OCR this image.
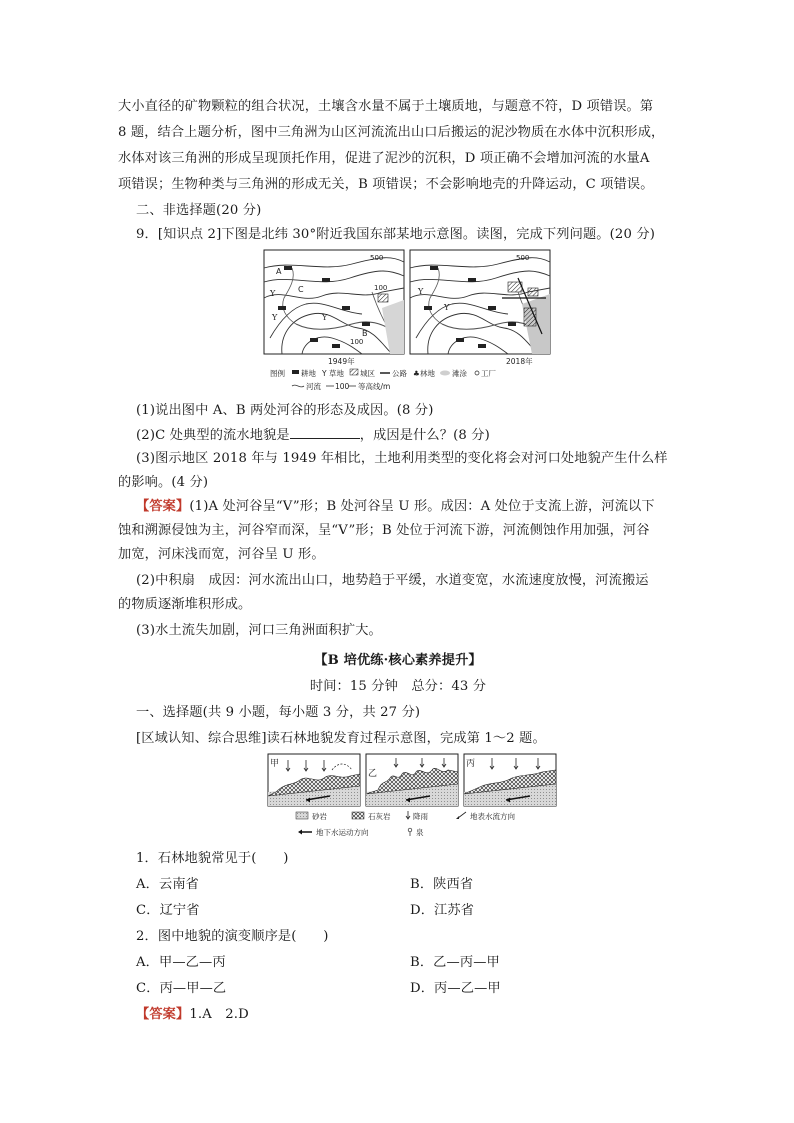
大小直径的矿物颗粒的组合状况，土壤含水量不属于土壤质地，与题意不符，D 项错误。第
8 题，结合上题分析，图中三角洲为山区河流流出山口后搬运的泥沙物质在水体中沉积形成，
水体对该三角洲的形成呈现顶托作用，促进了泥沙的沉积，D 项正确不会增加河流的水量A
项错误；生物种类与三角洲的形成无关，B 项错误；不会影响地壳的升降运动，C 项错误。
二、非选择题(20 分)
9．[知识点 2]下图是北纬 30°附近我国东部某地示意图。读图，完成下列问题。(20 分)
500
100
100
A
C
B
Y
Y	Y
500
Y
Y
1949年	2018年
图例 耕地 Y 草地 城区 公路 ♣ 林地 滩涂 工厂
河流 100 等高线/m
(1)说出图中 A、B 两处河谷的形态及成因。(8 分)
(2)C 处典型的流水地貌是	，成因是什么？(8 分)
(3)图示地区 2018 年与 1949 年相比，土地利用类型的变化将会对河口处地貌产生什么样
的影响。(4 分)
【答案】(1)A 处河谷呈“V”形；B 处河谷呈 U 形。成因：A 处位于支流上游，河流以下
蚀和溯源侵蚀为主，河谷窄而深，呈“V”形；B 处位于河流下游，河流侧蚀作用加强，河谷
加宽，河床浅而宽，河谷呈 U 形。
(2)中积扇　成因：河水流出山口，地势趋于平缓，水道变宽，水流速度放慢，河流搬运
的物质逐渐堆积形成。
(3)水土流失加剧，河口三角洲面积扩大。
【B 培优练·核心素养提升】
时间：15 分钟　总分：43 分
一、选择题(共 9 小题，每小题 3 分，共 27 分)
[区域认知、综合思维]读石林地貌发育过程示意图，完成第 1～2 题。
甲
乙
丙
砂岩	石灰岩	降雨	地表水流方向
地下水运动方向	泉
1．石林地貌常见于(　　)
A．云南省	B．陕西省
C．辽宁省	D．江苏省
2．图中地貌的演变顺序是(　　)
A．甲—乙—丙	B．乙—丙—甲
C．丙—甲—乙	D．丙—乙—甲
【答案】1.A　2.D
